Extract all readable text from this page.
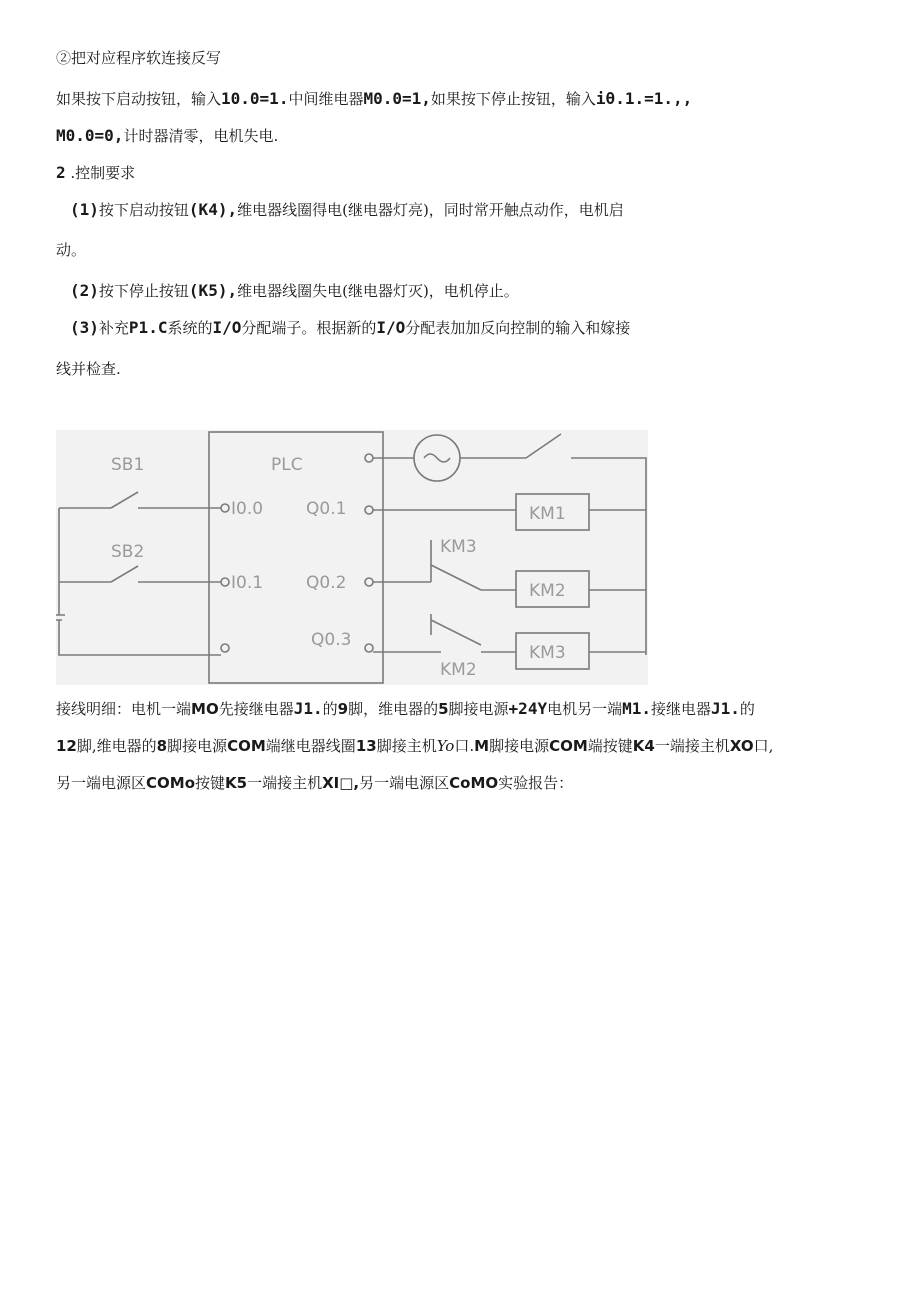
②把对应程序软连接反写
如果按下启动按钮，输入10.0=1.中间维电器M0.0=1,如果按下停止按钮，输入iθ.1.=1.,,
M0.0=0,计时器清零，电机失电.
2 .控制要求
(1)按下启动按钮(K4),维电器线圈得电(继电器灯亮)，同时常开触点动作，电机启
动。
(2)按下停止按钮(K5),维电器线圈失电(继电器灯灭)，电机停止。
(3)补充P1.C系统的I/O分配端子。根据新的I/O分配表加加反向控制的输入和嫁接
线并检查.
PLC
SB1
SB2
I0.0
I0.1
Q0.1
Q0.2
Q0.3
KM1
KM3
KM2
KM3
KM2
接线明细：电机一端MO先接继电器J1.的9脚，维电器的5脚接电源+24Y电机另一端M1.接继电器J1.的
12脚,维电器的8脚接电源COM端继电器线圈13脚接主机Yo口.M脚接电源COM端按键K4一端接主机XO口,
另一端电源区COMo按键K5一端接主机XI□,另一端电源区CoMO实验报告：
